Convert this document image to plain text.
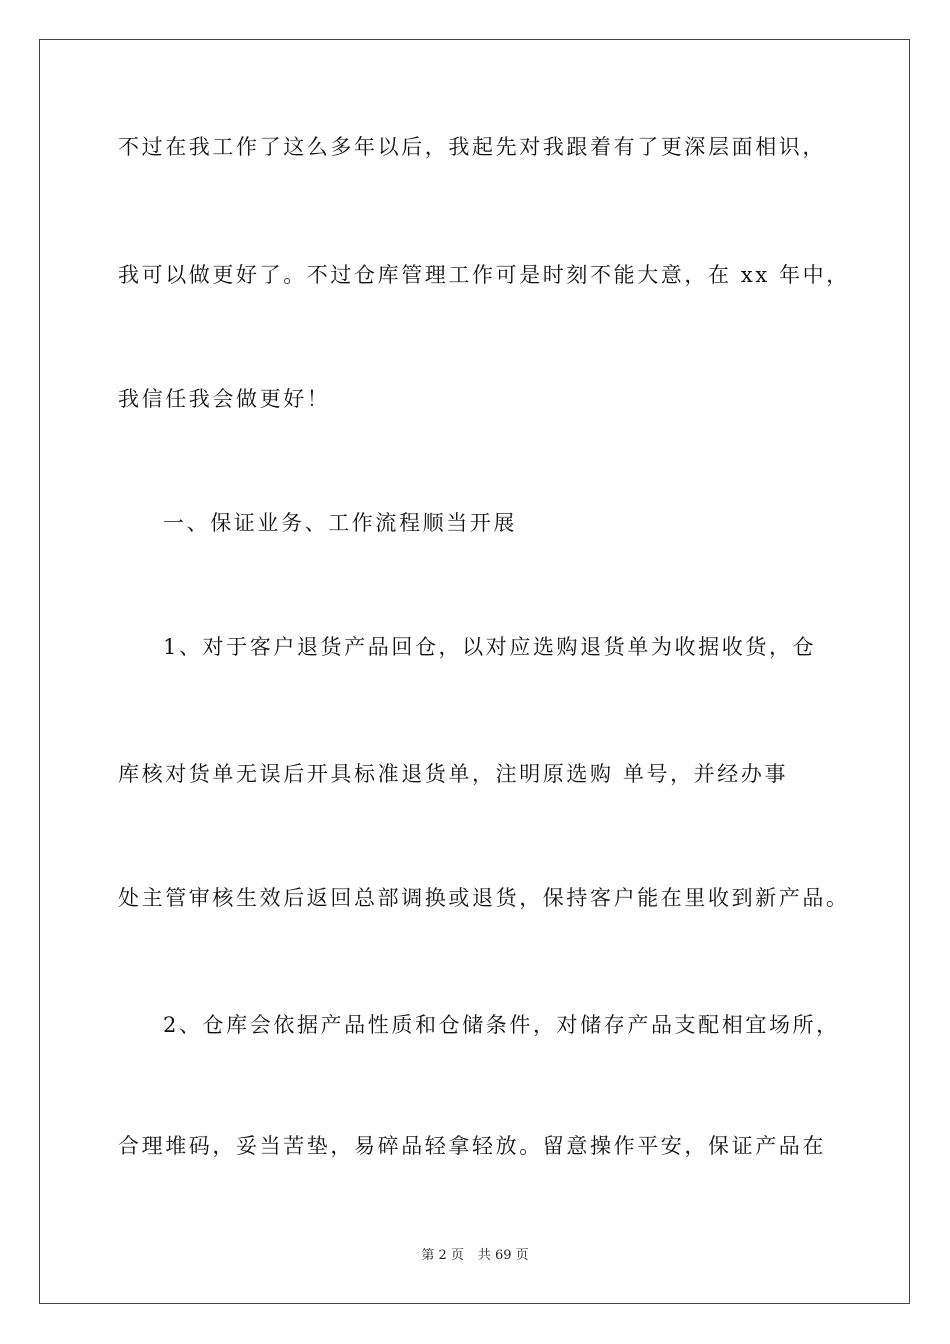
不过在我工作了这么多年以后，我起先对我跟着有了更深层面相识，
我可以做更好了。不过仓库管理工作可是时刻不能大意，在 xx 年中，
我信任我会做更好！
一、保证业务、工作流程顺当开展
1、对于客户退货产品回仓，以对应选购退货单为收据收货，仓
库核对货单无误后开具标准退货单，注明原选购 单号，并经办事
处主管审核生效后返回总部调换或退货，保持客户能在里收到新产品。
2、仓库会依据产品性质和仓储条件，对储存产品支配相宜场所，
合理堆码，妥当苦垫，易碎品轻拿轻放。留意操作平安，保证产品在
第 2 页 共 69 页
